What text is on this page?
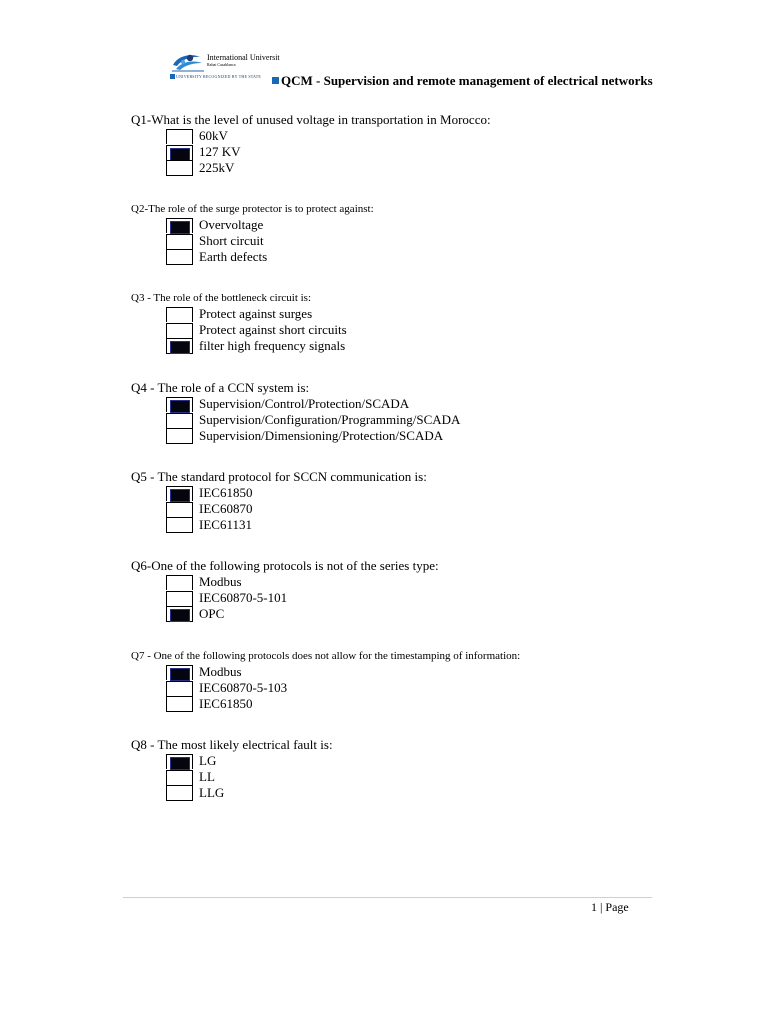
International Universit
Rabat Casablanca
UNIVERSITY RECOGNIZED BY THE STATE	QCM - Supervision and remote management of electrical networks
Q1-What is the level of unused voltage in transportation in Morocco:
60kV
127 KV
225kV
Q2-The role of the surge protector is to protect against:
Overvoltage
Short circuit
Earth defects
Q3 - The role of the bottleneck circuit is:
Protect against surges
Protect against short circuits
filter high frequency signals
Q4 - The role of a CCN system is:
Supervision/Control/Protection/SCADA
Supervision/Configuration/Programming/SCADA
Supervision/Dimensioning/Protection/SCADA
Q5 - The standard protocol for SCCN communication is:
IEC61850
IEC60870
IEC61131
Q6-One of the following protocols is not of the series type:
Modbus
IEC60870-5-101
OPC
Q7 - One of the following protocols does not allow for the timestamping of information:
Modbus
IEC60870-5-103
IEC61850
Q8 - The most likely electrical fault is:
LG
LL
LLG
1 | Page
